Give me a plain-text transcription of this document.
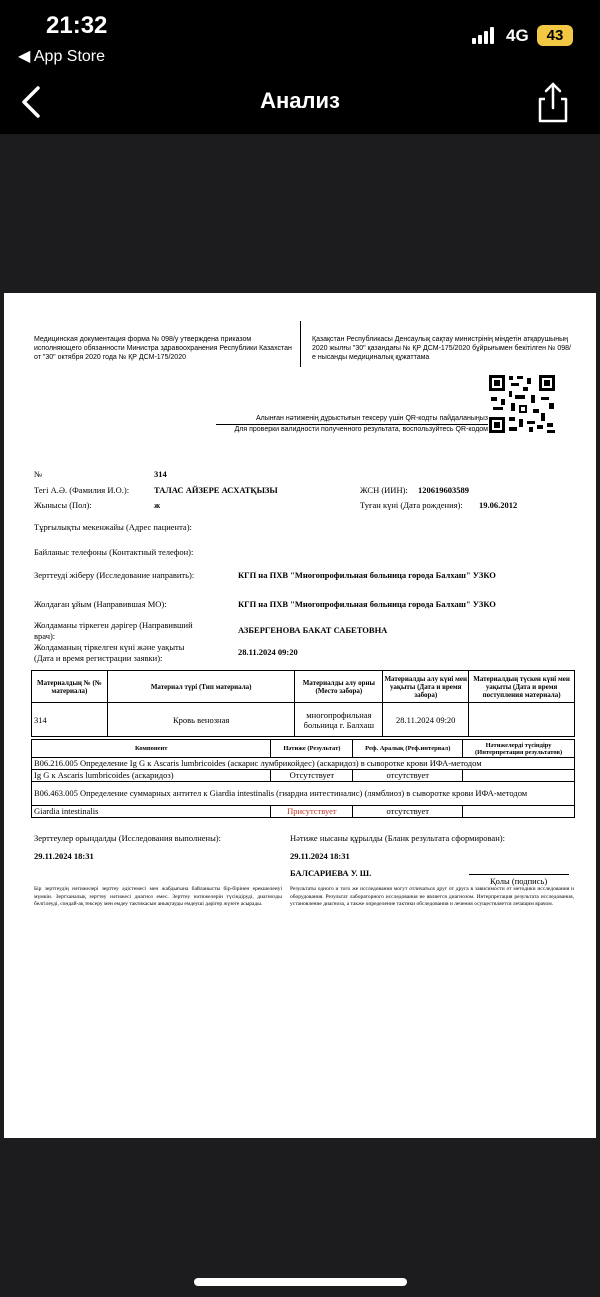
21:32
◀ App Store
4G 43
Анализ
Медицинская документация форма № 098/у утверждена приказом исполняющего обязанности Министра здравоохранения Республики Казахстан от "30" октября 2020 года № ҚР ДСМ-175/2020
Қазақстан Республикасы Денсаулық сақтау министрінің міндетін атқарушының 2020 жылғы "30" қазандағы № ҚР ДСМ-175/2020 бұйрығымен бекітілген № 098/е нысанды медициналық құжаттама
Алынған нәтиженің дұрыстығын тексеру үшін QR-кодты пайдаланыңыз
Для проверки валидности полученного результата, воспользуйтесь QR-кодом
№	314
Тегі А.Ә. (Фамилия И.О.):	ТАЛАС АЙЗЕРЕ АСХАТҚЫЗЫ	ЖСН (ИИН): 120619603589
Жынысы (Пол):	ж	Туған күні (Дата рождения): 19.06.2012
Тұрғылықты мекенжайы (Адрес пациента):
Байланыс телефоны (Контактный телефон):
Зерттеуді жіберу (Исследование направить):	КГП на ПХВ "Многопрофильная больница города Балхаш" УЗКО
Жолдаған ұйым (Направившая МО):	КГП на ПХВ "Многопрофильная больница города Балхаш" УЗКО
Жолдаманы тіркеген дәрігер (Направивший
врач):
АЗБЕРГЕНОВА БАКАТ САБЕТОВНА
Жолдаманың тіркелген күні және уақыты
(Дата и время регистрации заявки):
28.11.2024 09:20
Материалдың № (№ материала)	Материал түрі (Тип материала)	Материалды алу орны (Место забора)	Материалды алу күні мен уақыты (Дата и время забора)	Материалдың түскен күні мен уақыты (Дата и время поступления материала)
314	Кровь венозная	многопрофильная больница г. Балхаш	28.11.2024 09:20	
Компонент	Нәтиже (Результат)	Реф. Аралық (Реф.интервал)	Нәтижелерді түсіндіру (Интерпретация результатов)
B06.216.005 Определение Ig G к Ascaris lumbricoides (аскарис лумбрикойдес) (аскаридоз) в сыворотке крови ИФА-методом			
Ig G к Ascaris lumbricoides (аскаридоз)	Отсутствует	отсутствует	
B06.463.005 Определение суммарных антител к Giardia intestinalis (гиардиа интестиналис) (лямблиоз) в сыворотке крови ИФА-методом			
Giardia intestinalis	Присутствует	отсутствует	
Зерттеулер орындалды (Исследования выполнены):
29.11.2024 18:31
Нәтиже нысаны құрылды (Бланк результата сформирован):
29.11.2024 18:31
БАЛСАРИЕВА У. Ш.
Қолы (подпись)
Бір зерттеудің нәтижелері зерттеу әдістемесі мен жабдығына байланысты бір-бірінен ерекшеленуі мүмкін. Зертханалық зерттеу нәтижесі диагноз емес. Зерттеу нәтижелерін түсіндіруді, диагнозды белгілеуді, сондай-ақ тексеру мен емдеу тактикасын анықтауды емдеуші дәрігер жүзеге асырады.
Результаты одного и того же исследования могут отличаться друг от друга в зависимости от методики исследования и оборудования. Результат лабораторного исследования не является диагнозом. Интерпретация результата исследования, установление диагноза, а также определение тактики обследования и лечения осуществляется лечащим врачом.
